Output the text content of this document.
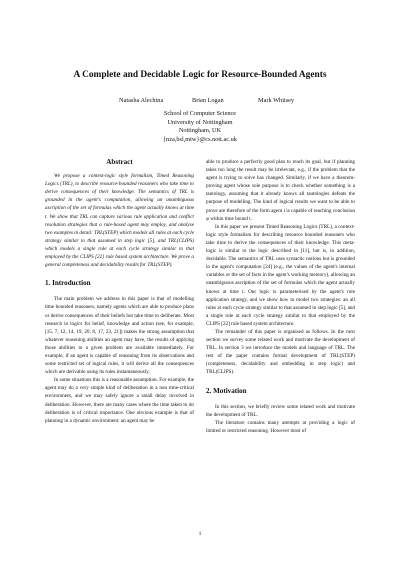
A Complete and Decidable Logic for Resource-Bounded Agents
Natasha Alechina	Brian Logan	Mark Whitsey
School of Computer Science
University of Nottingham
Nottingham, UK
{nza,bsl,mtw}@cs.nott.ac.uk
Abstract

We propose a context-logic style formalism, Timed Reasoning Logics (TRL), to describe resource-bounded reasoners who take time to derive consequences of their knowledge. The semantics of TRL is grounded in the agent's computation, allowing an unambiguous ascription of the set of formulas which the agent actually knows at time t. We show that TRL can capture various rule application and conflict resolution strategies that a rule-based agent may employ, and analyse two examples in detail: TRL(STEP) which models all rules at each cycle strategy similar to that assumed in step logic [5], and TRL(CLIPS) which models a single rule at each cycle strategy similar to that employed by the CLIPS [22] rule based system architecture. We prove a general completeness and decidability results for TRL(STEP).

1. Introduction

The main problem we address in this paper is that of modelling time bounded reasoners, namely agents which are able to produce plans or derive consequences of their beliefs but take time to deliberate. Most research in logics for belief, knowledge and action (see, for example, [15, 7, 12, 14, 19, 20, 8, 17, 23, 21]) makes the strong assumption that whatever reasoning abilities an agent may have, the results of applying those abilities to a given problem are available immediately. For example, if an agent is capable of reasoning from its observations and some restricted set of logical rules, it will derive all the consequences which are derivable using its rules instantaneously.

In some situations this is a reasonable assumption. For example, the agent may do a very simple kind of deliberation in a non time-critical environment, and we may safely ignore a small delay involved in deliberation. However, there are many cases where the time taken to do deliberation is of critical importance. One obvious example is that of planning in a dynamic environment: an agent may be

able to produce a perfectly good plan to reach its goal, but if planning takes too long the result may be irrelevant, e.g., if the problem that the agent is trying to solve has changed. Similarly, if we have a theorem-proving agent whose sole purpose is to check whether something is a tautology, assuming that it already knows all tautologies defeats the purpose of modelling. The kind of logical results we want to be able to prove are therefore of the form agent i is capable of reaching conclusion φ within time bound t.

In this paper we present Timed Reasoning Logics (TRL), a context-logic style formalism for describing resource bounded reasoners who take time to derive the consequences of their knowledge. This meta-logic is similar to the logic described in [11], but is, in addition, decidable. The semantics of TRL uses syntactic notions but is grounded in the agent's computation [24] (e.g., the values of the agent's internal variables or the set of facts in the agent's working memory), allowing an unambiguous ascription of the set of formulas which the agent actually knows at time t. Our logic is parameterised by the agent's rule application strategy, and we show how to model two strategies: an all rules at each cycle strategy similar to that assumed in step logic [5], and a single rule at each cycle strategy similar to that employed by the CLIPS [22] rule based system architecture.

The remainder of this paper is organised as follows. In the next section we survey some related work and motivate the development of TRL. In section 3 we introduce the models and language of TRL. The rest of the paper contains formal development of TRL(STEP) (completeness, decidability and embedding in step logic) and TRL(CLIPS).

2. Motivation

In this section, we briefly review some related work and motivate the development of TRL.

The literature contains many attempts at providing a logic of limited or restricted reasoning. However most of

1
